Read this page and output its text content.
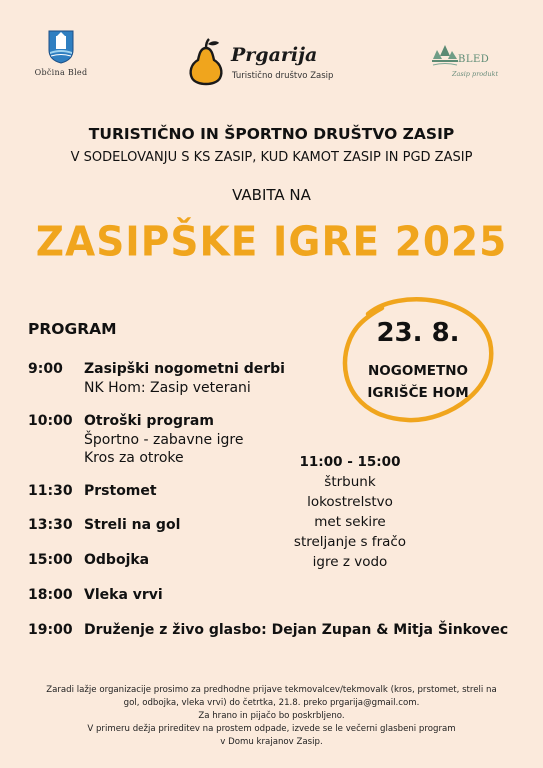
Občina Bled
Prgarija
Turistično društvo Zasip
BLED
Zasip produkt
TURISTIČNO IN ŠPORTNO DRUŠTVO ZASIP
V SODELOVANJU S KS ZASIP, KUD KAMOT ZASIP IN PGD ZASIP
VABITA NA
ZASIPŠKE IGRE 2025
23. 8.
NOGOMETNO
IGRIŠČE HOM
PROGRAM
9:00 Zasipški nogometni derbi
NK Hom: Zasip veterani
10:00 Otroški program
Športno - zabavne igre
Kros za otroke
11:30 Prstomet
13:30 Streli na gol
15:00 Odbojka
18:00 Vleka vrvi
19:00 Druženje z živo glasbo: Dejan Zupan & Mitja Šinkovec
11:00 - 15:00
štrbunk
lokostrelstvo
met sekire
streljanje s fračo
igre z vodo
Zaradi lažje organizacije prosimo za predhodne prijave tekmovalcev/tekmovalk (kros, prstomet, streli na
gol, odbojka, vleka vrvi) do četrtka, 21.8. preko prgarija@gmail.com.
Za hrano in pijačo bo poskrbljeno.
V primeru dežja prireditev na prostem odpade, izvede se le večerni glasbeni program
v Domu krajanov Zasip.
